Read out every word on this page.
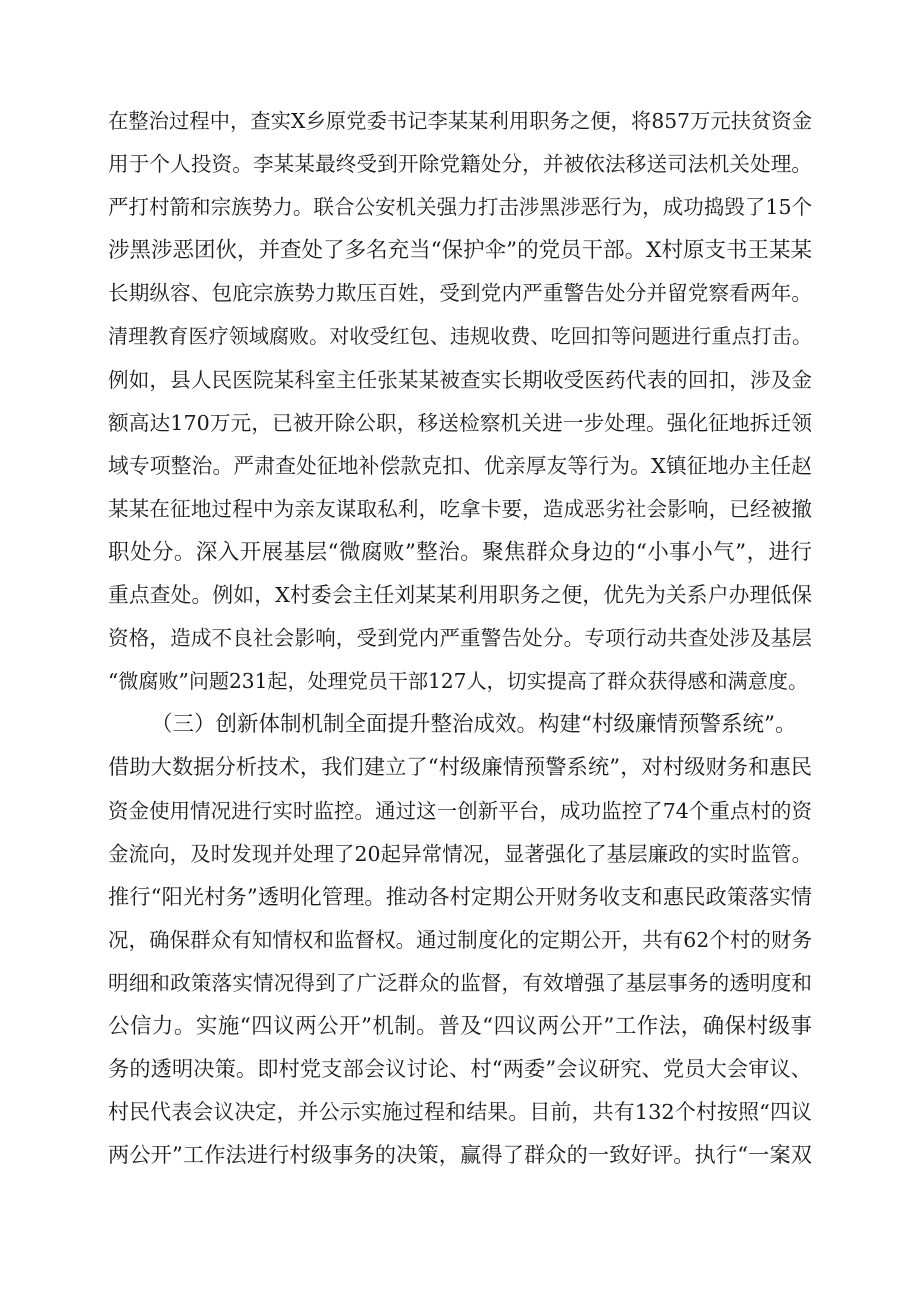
在整治过程中，查实X乡原党委书记李某某利用职务之便，将857万元扶贫资金
用于个人投资。李某某最终受到开除党籍处分，并被依法移送司法机关处理。
严打村箭和宗族势力。联合公安机关强力打击涉黑涉恶行为，成功捣毁了15个
涉黑涉恶团伙，并查处了多名充当“保护伞”的党员干部。X村原支书王某某
长期纵容、包庇宗族势力欺压百姓，受到党内严重警告处分并留党察看两年。
清理教育医疗领域腐败。对收受红包、违规收费、吃回扣等问题进行重点打击。
例如，县人民医院某科室主任张某某被查实长期收受医药代表的回扣，涉及金
额高达170万元，已被开除公职，移送检察机关进一步处理。强化征地拆迁领
域专项整治。严肃查处征地补偿款克扣、优亲厚友等行为。X镇征地办主任赵
某某在征地过程中为亲友谋取私利，吃拿卡要，造成恶劣社会影响，已经被撤
职处分。深入开展基层“微腐败”整治。聚焦群众身边的“小事小气”，进行
重点查处。例如，X村委会主任刘某某利用职务之便，优先为关系户办理低保
资格，造成不良社会影响，受到党内严重警告处分。专项行动共查处涉及基层
“微腐败”问题231起，处理党员干部127人，切实提高了群众获得感和满意度。
（三）创新体制机制全面提升整治成效。构建“村级廉情预警系统”。
借助大数据分析技术，我们建立了“村级廉情预警系统”，对村级财务和惠民
资金使用情况进行实时监控。通过这一创新平台，成功监控了74个重点村的资
金流向，及时发现并处理了20起异常情况，显著强化了基层廉政的实时监管。
推行“阳光村务”透明化管理。推动各村定期公开财务收支和惠民政策落实情
况，确保群众有知情权和监督权。通过制度化的定期公开，共有62个村的财务
明细和政策落实情况得到了广泛群众的监督，有效增强了基层事务的透明度和
公信力。实施“四议两公开”机制。普及“四议两公开”工作法，确保村级事
务的透明决策。即村党支部会议讨论、村“两委”会议研究、党员大会审议、
村民代表会议决定，并公示实施过程和结果。目前，共有132个村按照“四议
两公开”工作法进行村级事务的决策，赢得了群众的一致好评。执行“一案双
